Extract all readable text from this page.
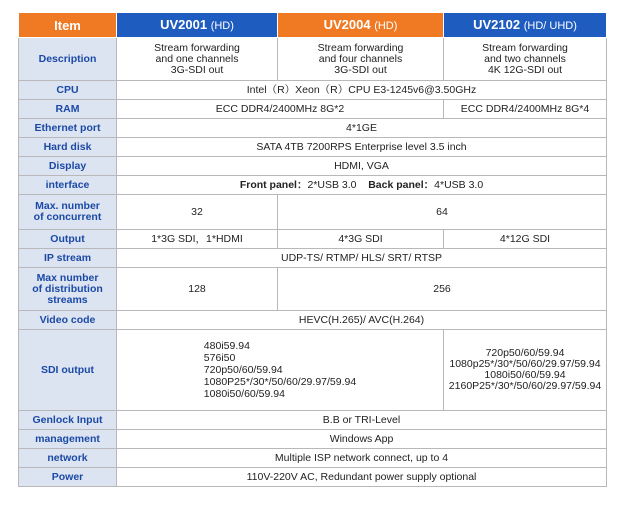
Item	UV2001 (HD)	UV2004 (HD)	UV2102 (HD/ UHD)
Description	Stream forwarding
and one channels
3G-SDI out	Stream forwarding
and four channels
3G-SDI out	Stream forwarding
and two channels
4K 12G-SDI out
CPU	Intel（R）Xeon（R）CPU E3-1245v6@3.50GHz		
RAM	ECC DDR4/2400MHz 8G*2		ECC DDR4/2400MHz 8G*4
Ethernet port	4*1GE		
Hard disk	SATA 4TB 7200RPS Enterprise level 3.5 inch		
Display	HDMI, VGA		
interface	Front panel：2*USB 3.0 Back panel：4*USB 3.0		
Max. number
of concurrent	32	64	
Output	1*3G SDI，1*HDMI	4*3G SDI	4*12G SDI
IP stream	UDP-TS/ RTMP/ HLS/ SRT/ RTSP		
Max number
of distribution
streams	128	256	
Video code	HEVC(H.265)/ AVC(H.264)		
SDI output	480i59.94
576i50
720p50/60/59.94
1080P25*/30*/50/60/29.97/59.94
1080i50/60/59.94		720p50/60/59.94
1080p25*/30*/50/60/29.97/59.94
1080i50/60/59.94
2160P25*/30*/50/60/29.97/59.94
Genlock Input	B.B or TRI-Level		
management	Windows App		
network	Multiple ISP network connect, up to 4		
Power	110V-220V AC, Redundant power supply optional		
